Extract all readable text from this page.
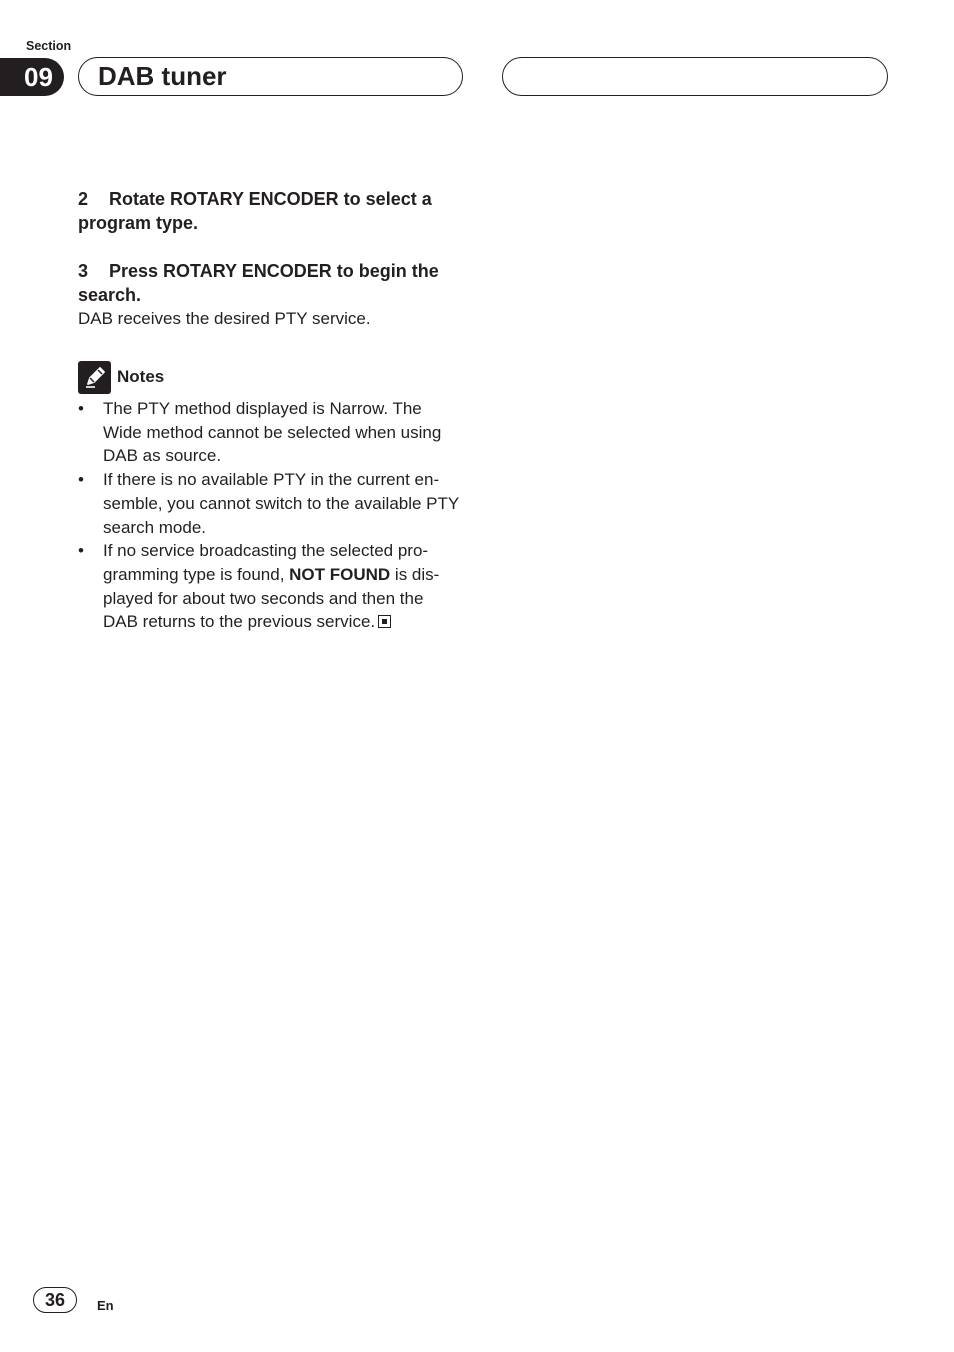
Section
09	DAB tuner
2 Rotate ROTARY ENCODER to select a program type.
3 Press ROTARY ENCODER to begin the search.
DAB receives the desired PTY service.
Notes
•	The PTY method displayed is Narrow. The Wide method cannot be selected when using DAB as source.
•	If there is no available PTY in the current ensemble, you cannot switch to the available PTY search mode.
•	If no service broadcasting the selected programming type is found, NOT FOUND is displayed for about two seconds and then the DAB returns to the previous service.
36	En
